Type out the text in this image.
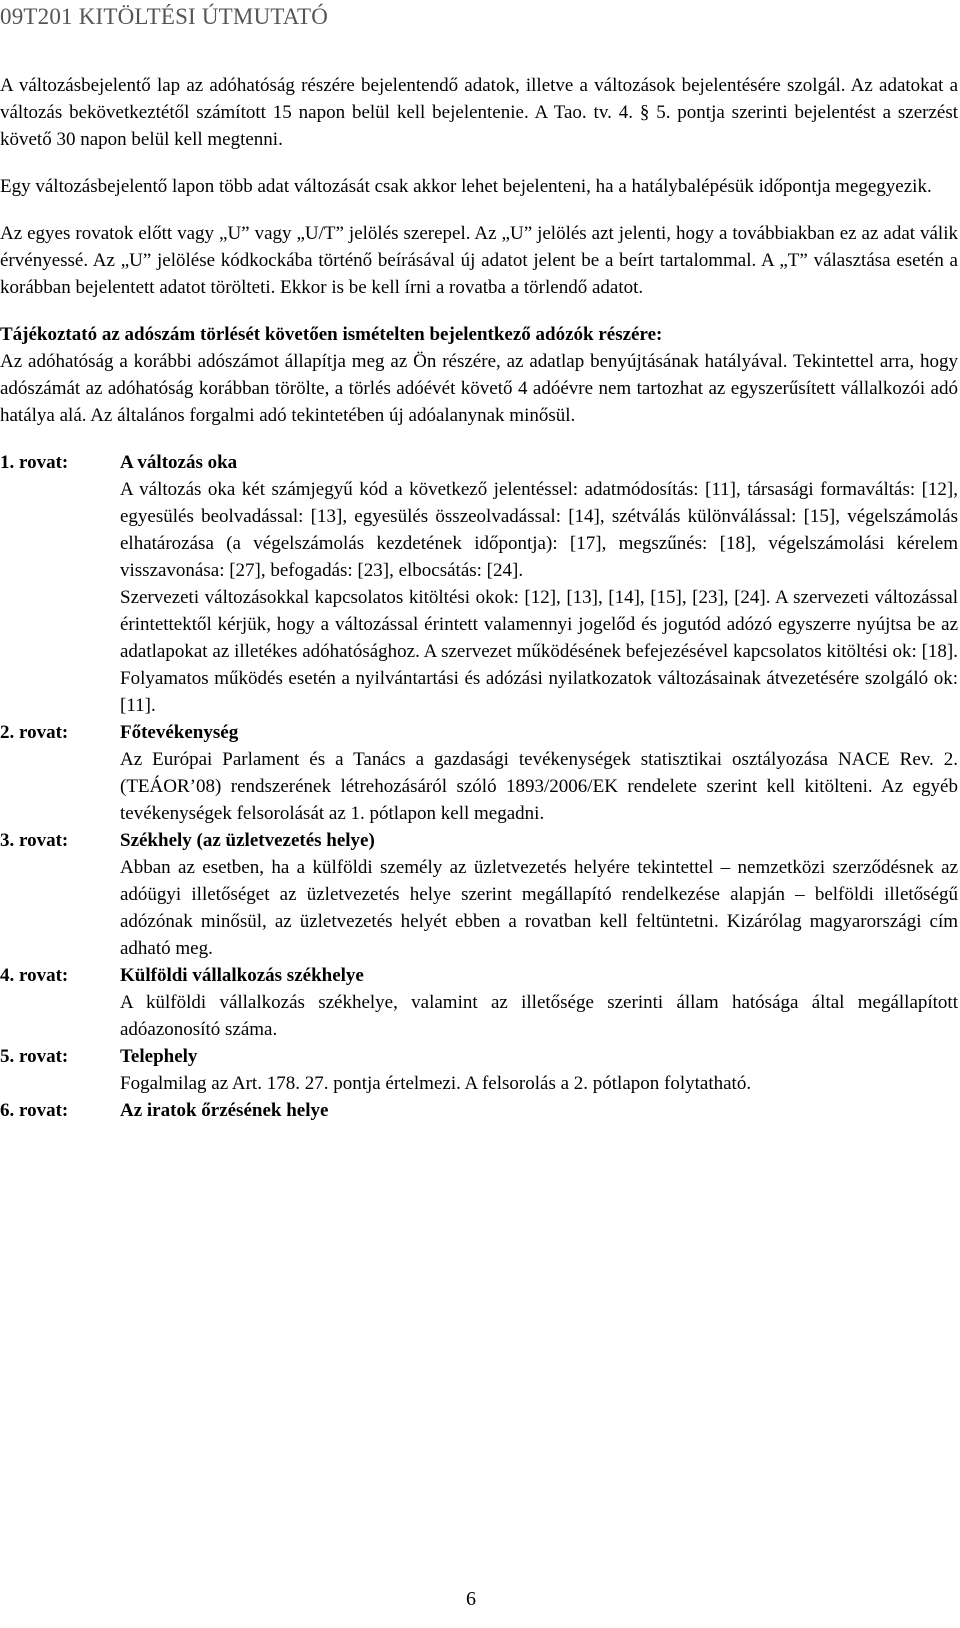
09T201 KITÖLTÉSI ÚTMUTATÓ

A változásbejelentő lap az adóhatóság részére bejelentendő adatok, illetve a változások bejelentésére szolgál. Az adatokat a változás bekövetkeztétől számított 15 napon belül kell bejelentenie. A Tao. tv. 4. § 5. pontja szerinti bejelentést a szerzést követő 30 napon belül kell megtenni.

Egy változásbejelentő lapon több adat változását csak akkor lehet bejelenteni, ha a hatálybalépésük időpontja megegyezik.

Az egyes rovatok előtt vagy „U” vagy „U/T” jelölés szerepel. Az „U” jelölés azt jelenti, hogy a továbbiakban ez az adat válik érvényessé. Az „U” jelölése kódkockába történő beírásával új adatot jelent be a beírt tartalommal. A „T” választása esetén a korábban bejelentett adatot törölteti. Ekkor is be kell írni a rovatba a törlendő adatot.

Tájékoztató az adószám törlését követően ismételten bejelentkező adózók részére:

Az adóhatóság a korábbi adószámot állapítja meg az Ön részére, az adatlap benyújtásának hatályával. Tekintettel arra, hogy adószámát az adóhatóság korábban törölte, a törlés adóévét követő 4 adóévre nem tartozhat az egyszerűsített vállalkozói adó hatálya alá. Az általános forgalmi adó tekintetében új adóalanynak minősül.

1. rovat:	A változás oka

A változás oka két számjegyű kód a következő jelentéssel: adatmódosítás: [11], társasági formaváltás: [12], egyesülés beolvadással: [13], egyesülés összeolvadással: [14], szétválás különválással: [15], végelszámolás elhatározása (a végelszámolás kezdetének időpontja): [17], megszűnés: [18], végelszámolási kérelem visszavonása: [27], befogadás: [23], elbocsátás: [24].

Szervezeti változásokkal kapcsolatos kitöltési okok: [12], [13], [14], [15], [23], [24]. A szervezeti változással érintettektől kérjük, hogy a változással érintett valamennyi jogelőd és jogutód adózó egyszerre nyújtsa be az adatlapokat az illetékes adóhatósághoz. A szervezet működésének befejezésével kapcsolatos kitöltési ok: [18]. Folyamatos működés esetén a nyilvántartási és adózási nyilatkozatok változásainak átvezetésére szolgáló ok: [11].

2. rovat:	Főtevékenység

Az Európai Parlament és a Tanács a gazdasági tevékenységek statisztikai osztályozása NACE Rev. 2. (TEÁOR’08) rendszerének létrehozásáról szóló 1893/2006/EK rendelete szerint kell kitölteni. Az egyéb tevékenységek felsorolását az 1. pótlapon kell megadni.

3. rovat:	Székhely (az üzletvezetés helye)

Abban az esetben, ha a külföldi személy az üzletvezetés helyére tekintettel – nemzetközi szerződésnek az adóügyi illetőséget az üzletvezetés helye szerint megállapító rendelkezése alapján – belföldi illetőségű adózónak minősül, az üzletvezetés helyét ebben a rovatban kell feltüntetni. Kizárólag magyarországi cím adható meg.

4. rovat:	Külföldi vállalkozás székhelye

A külföldi vállalkozás székhelye, valamint az illetősége szerinti állam hatósága által megállapított adóazonosító száma.

5. rovat:	Telephely

Fogalmilag az Art. 178. 27. pontja értelmezi. A felsorolás a 2. pótlapon folytatható.

6. rovat:	Az iratok őrzésének helye
6
